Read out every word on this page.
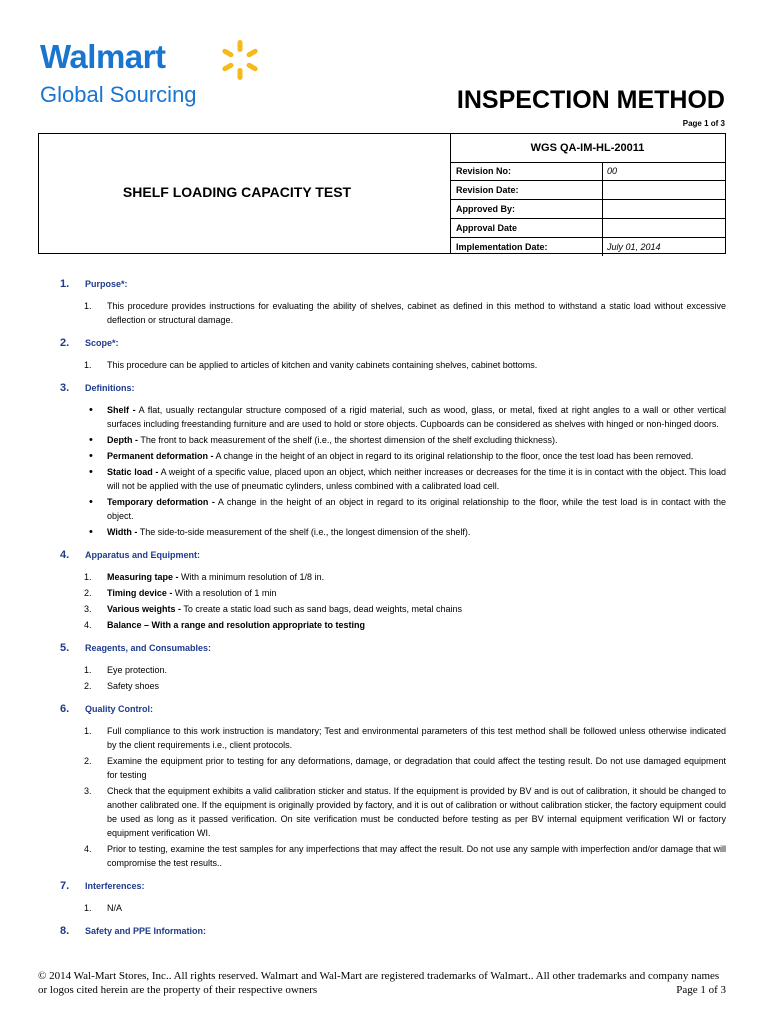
Walmart
Global Sourcing	INSPECTION METHOD
Page 1 of 3
SHELF LOADING CAPACITY TEST
WGS QA-IM-HL-20011
Revision No:	00
Revision Date:
Approved By:
Approval Date
Implementation Date:	July 01, 2014
1. Purpose*:
1. This procedure provides instructions for evaluating the ability of shelves, cabinet as defined in this method to withstand a static load without excessive deflection or structural damage.
2. Scope*:
1. This procedure can be applied to articles of kitchen and vanity cabinets containing shelves, cabinet bottoms.
3. Definitions:
• Shelf - A flat, usually rectangular structure composed of a rigid material, such as wood, glass, or metal, fixed at right angles to a wall or other vertical surfaces including freestanding furniture and are used to hold or store objects. Cupboards can be considered as shelves with hinged or non-hinged doors.
• Depth - The front to back measurement of the shelf (i.e., the shortest dimension of the shelf excluding thickness).
• Permanent deformation - A change in the height of an object in regard to its original relationship to the floor, once the test load has been removed.
• Static load - A weight of a specific value, placed upon an object, which neither increases or decreases for the time it is in contact with the object. This load will not be applied with the use of pneumatic cylinders, unless combined with a calibrated load cell.
• Temporary deformation - A change in the height of an object in regard to its original relationship to the floor, while the test load is in contact with the object.
• Width - The side-to-side measurement of the shelf (i.e., the longest dimension of the shelf).
4. Apparatus and Equipment:
1. Measuring tape - With a minimum resolution of 1/8 in.
2. Timing device - With a resolution of 1 min
3. Various weights - To create a static load such as sand bags, dead weights, metal chains
4. Balance – With a range and resolution appropriate to testing
5. Reagents, and Consumables:
1. Eye protection.
2. Safety shoes
6. Quality Control:
1. Full compliance to this work instruction is mandatory; Test and environmental parameters of this test method shall be followed unless otherwise indicated by the client requirements i.e., client protocols.
2. Examine the equipment prior to testing for any deformations, damage, or degradation that could affect the testing result. Do not use damaged equipment for testing
3. Check that the equipment exhibits a valid calibration sticker and status. If the equipment is provided by BV and is out of calibration, it should be changed to another calibrated one. If the equipment is originally provided by factory, and it is out of calibration or without calibration sticker, the factory equipment could be used as long as it passed verification. On site verification must be conducted before testing as per BV internal equipment verification WI or factory equipment verification WI.
4. Prior to testing, examine the test samples for any imperfections that may affect the result. Do not use any sample with imperfection and/or damage that will compromise the test results..
7. Interferences:
1. N/A
8. Safety and PPE Information:
© 2014 Wal-Mart Stores, Inc.. All rights reserved. Walmart and Wal-Mart are registered trademarks of Walmart.. All other trademarks and company names or logos cited herein are the property of their respective owners	Page 1 of 3
